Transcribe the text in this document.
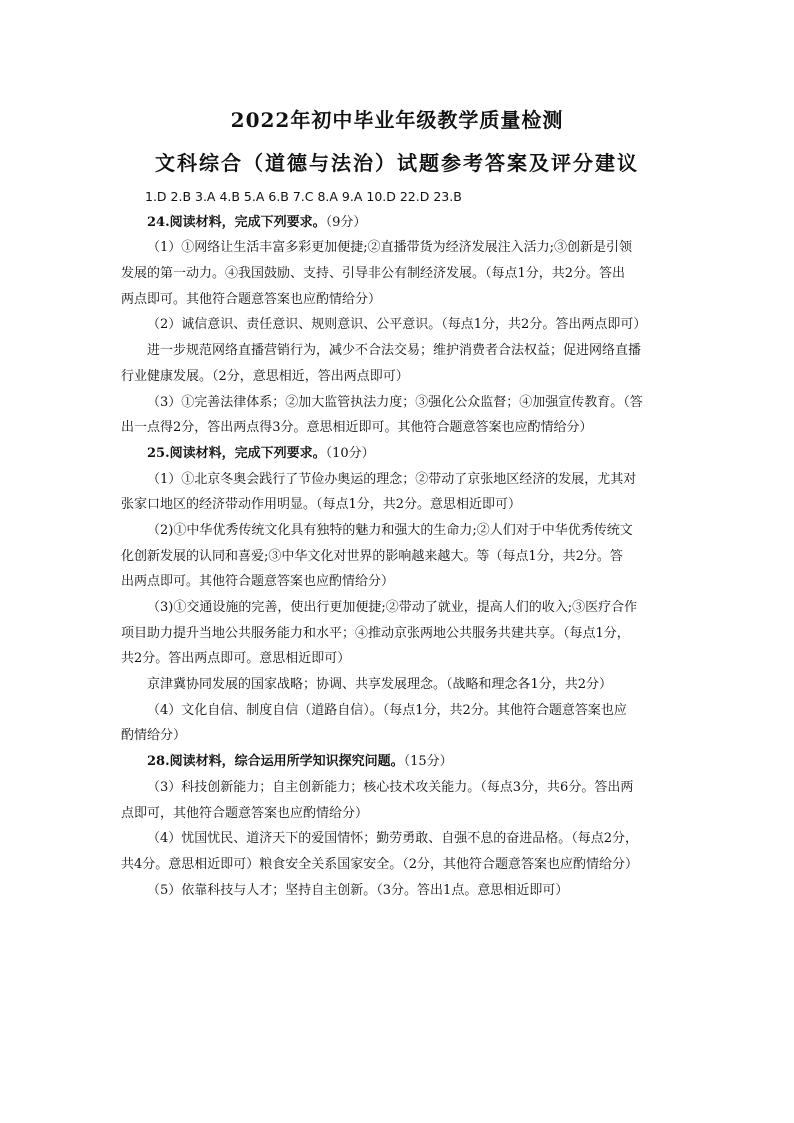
2022年初中毕业年级教学质量检测
文科综合（道德与法治）试题参考答案及评分建议

1.D 2.B 3.A 4.B 5.A 6.B 7.C 8.A 9.A 10.D 22.D 23.B

24.阅读材料，完成下列要求。（9分）

（1）①网络让生活丰富多彩更加便捷;②直播带货为经济发展注入活力;③创新是引领

发展的第一动力。④我国鼓励、支持、引导非公有制经济发展。（每点1分，共2分。答出

两点即可。其他符合题意答案也应酌情给分）

（2）诚信意识、责任意识、规则意识、公平意识。（每点1分，共2分。答出两点即可）

进一步规范网络直播营销行为，减少不合法交易；维护消费者合法权益；促进网络直播

行业健康发展。（2分，意思相近，答出两点即可）

（3）①完善法律体系；②加大监管执法力度；③强化公众监督；④加强宣传教育。（答

出一点得2分，答出两点得3分。意思相近即可。其他符合题意答案也应酌情给分）

25.阅读材料，完成下列要求。（10分）

（1）①北京冬奥会践行了节俭办奥运的理念；②带动了京张地区经济的发展，尤其对

张家口地区的经济带动作用明显。（每点1分，共2分。意思相近即可）

（2)①中华优秀传统文化具有独特的魅力和强大的生命力;②人们对于中华优秀传统文

化创新发展的认同和喜爱;③中华文化对世界的影响越来越大。等（每点1分，共2分。答

出两点即可。其他符合题意答案也应酌情给分）

（3)①交通设施的完善，使出行更加便捷;②带动了就业，提高人们的收入;③医疗合作

项目助力提升当地公共服务能力和水平；④推动京张两地公共服务共建共享。（每点1分，

共2分。答出两点即可。意思相近即可）

京津冀协同发展的国家战略；协调、共享发展理念。（战略和理念各1分，共2分）

（4）文化自信、制度自信（道路自信）。（每点1分，共2分。其他符合题意答案也应

酌情给分）

28.阅读材料，综合运用所学知识探究问题。（15分）

（3）科技创新能力；自主创新能力；核心技术攻关能力。（每点3分，共6分。答出两

点即可，其他符合题意答案也应酌情给分）

（4）忧国忧民、道济天下的爱国情怀；勤劳勇敢、自强不息的奋进品格。（每点2分，

共4分。意思相近即可）粮食安全关系国家安全。（2分，其他符合题意答案也应酌情给分）

（5）依靠科技与人才；坚持自主创新。（3分。答出1点。意思相近即可）
